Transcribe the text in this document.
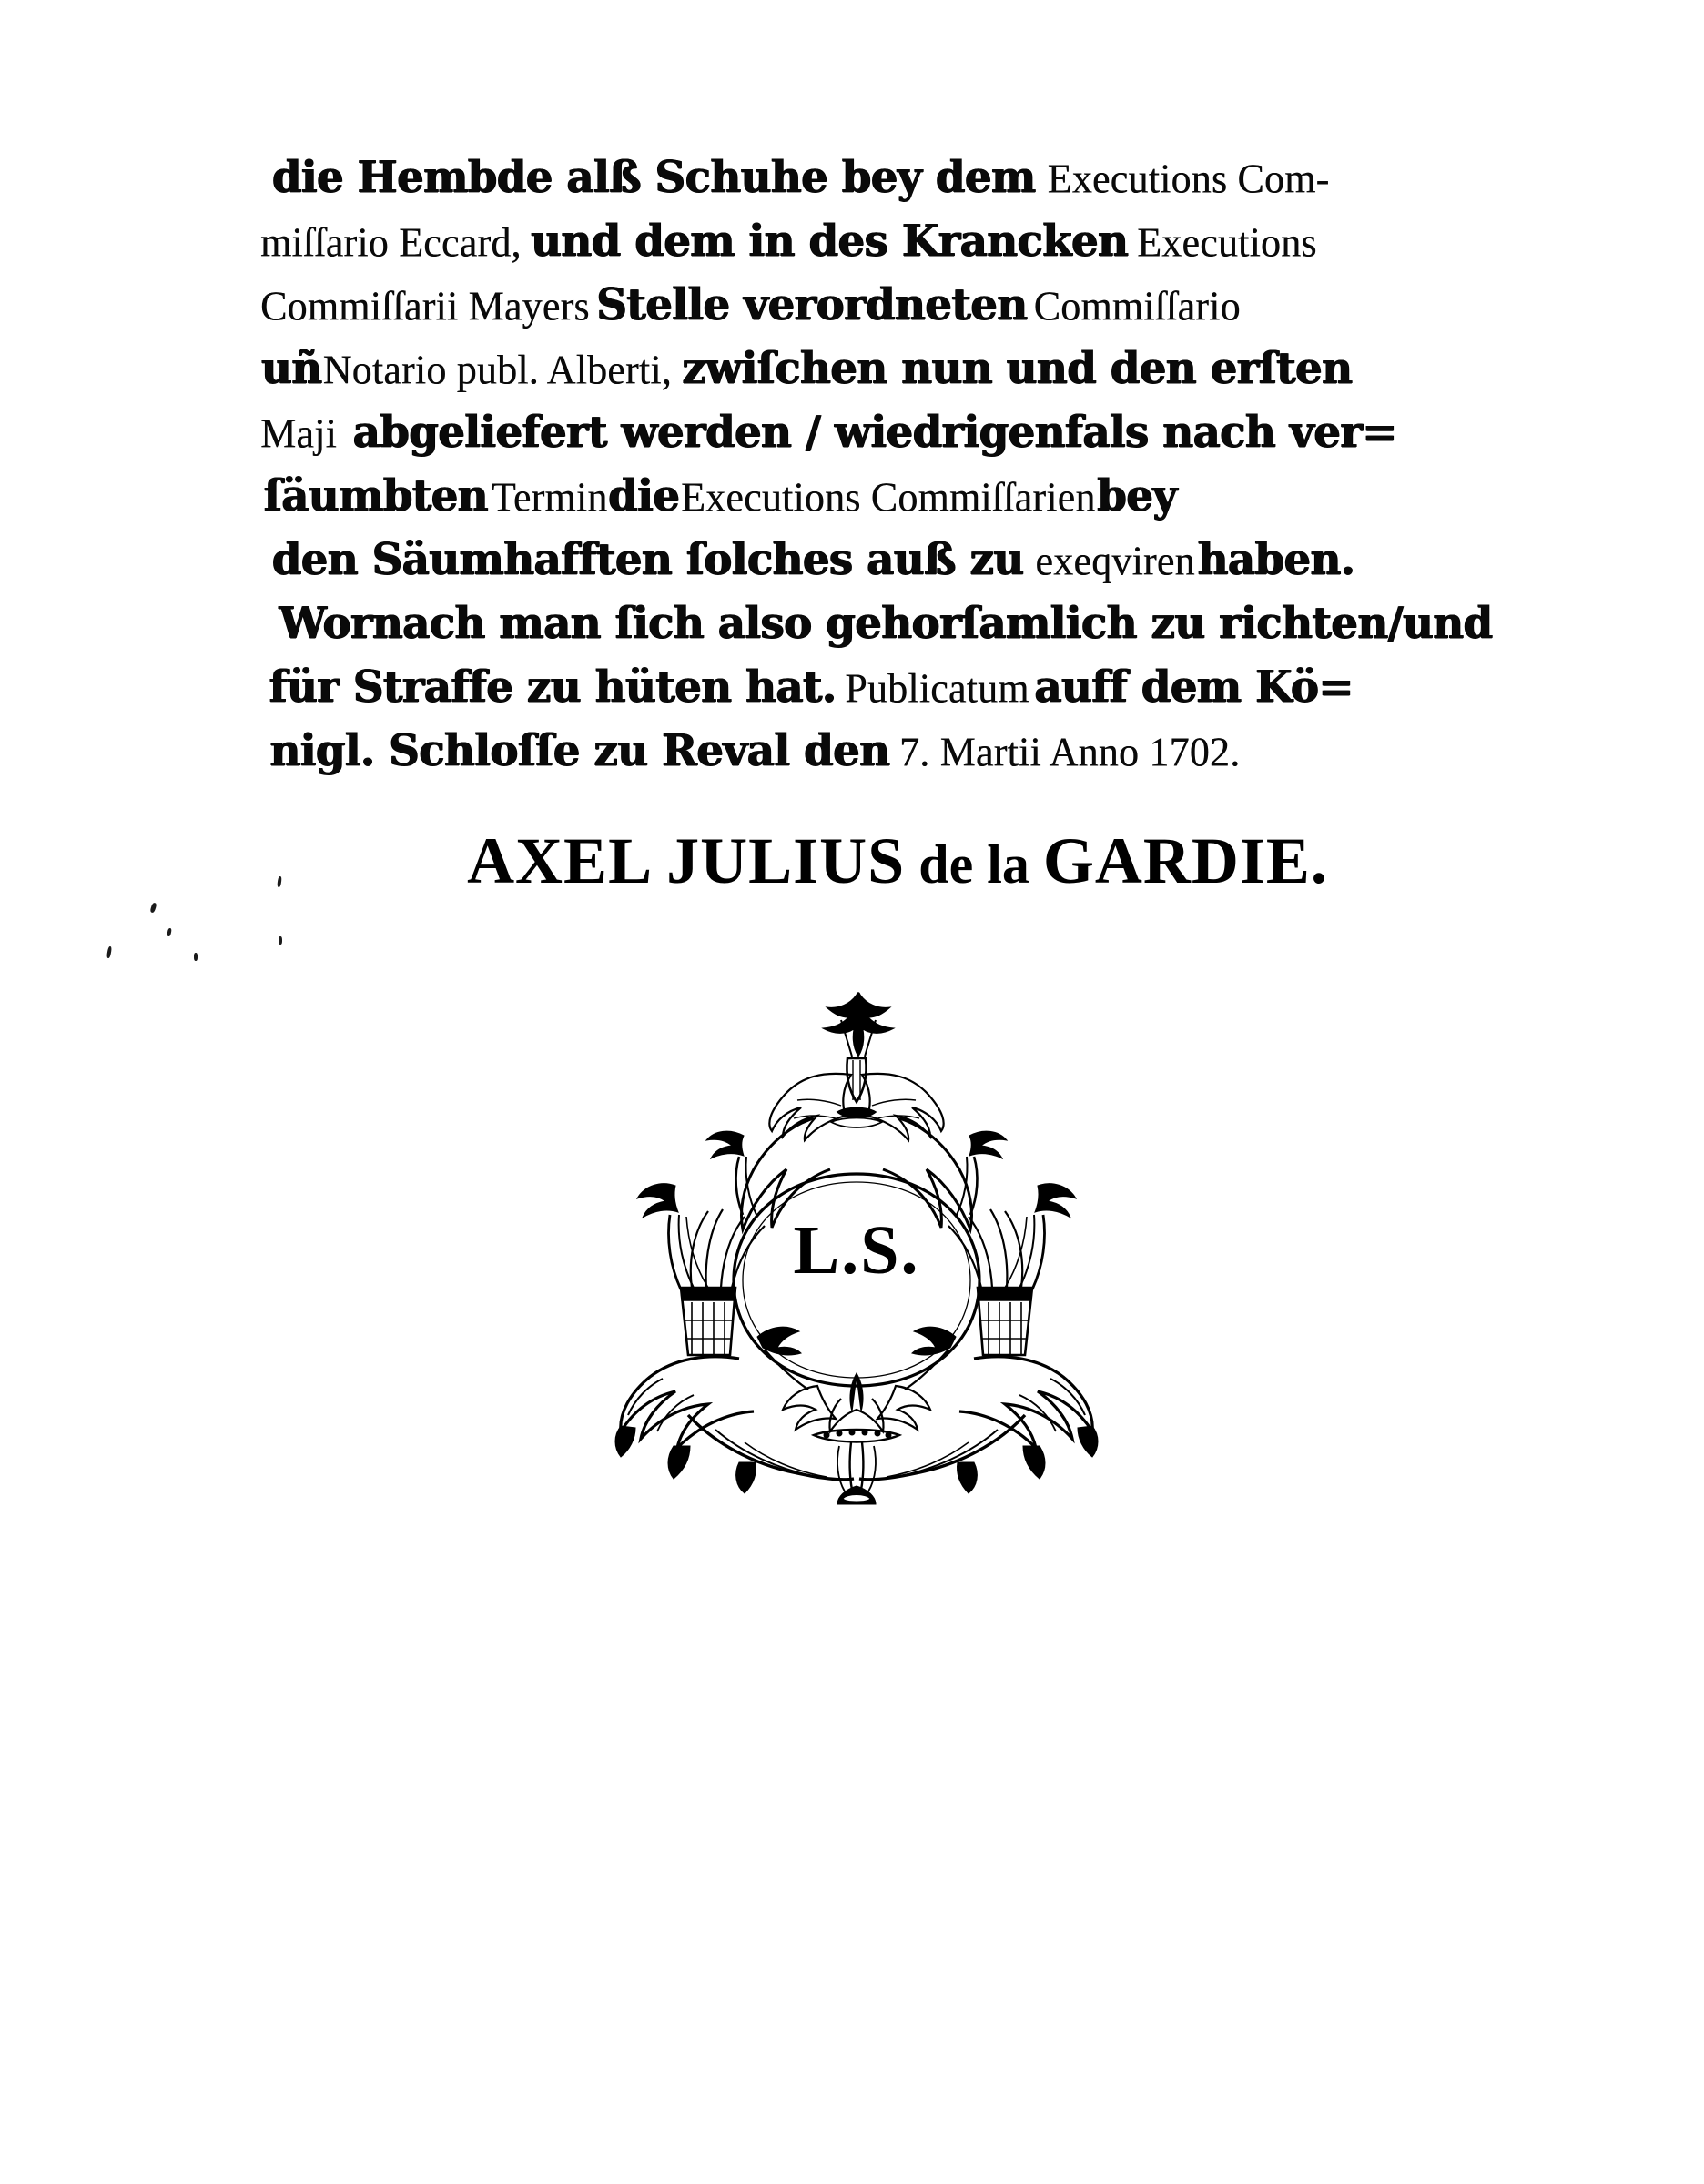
die Hembde alß Schuhe bey demExecutions Com-
miſſario Eccard,und dem in des KranckenExecutions
Commiſſarii MayersStelle verordnetenCommiſſario
uñNotario publ. Alberti,zwiſchen nun und den erſten
Majiabgeliefert werden / wiedrigenfals nach ver=
ſäumbtenTermindieExecutions Commiſſarienbey
den Säumhafften ſolches auß zuexeqvirenhaben.
Wornach man ſich also gehorſamlich zu richten/und
für Straffe zu hüten hat.Publicatumauff dem Kö=
nigl. Schloſſe zu Reval den7. Martii Anno 1702.
AXEL JULIUS de la GARDIE.
L.S.
